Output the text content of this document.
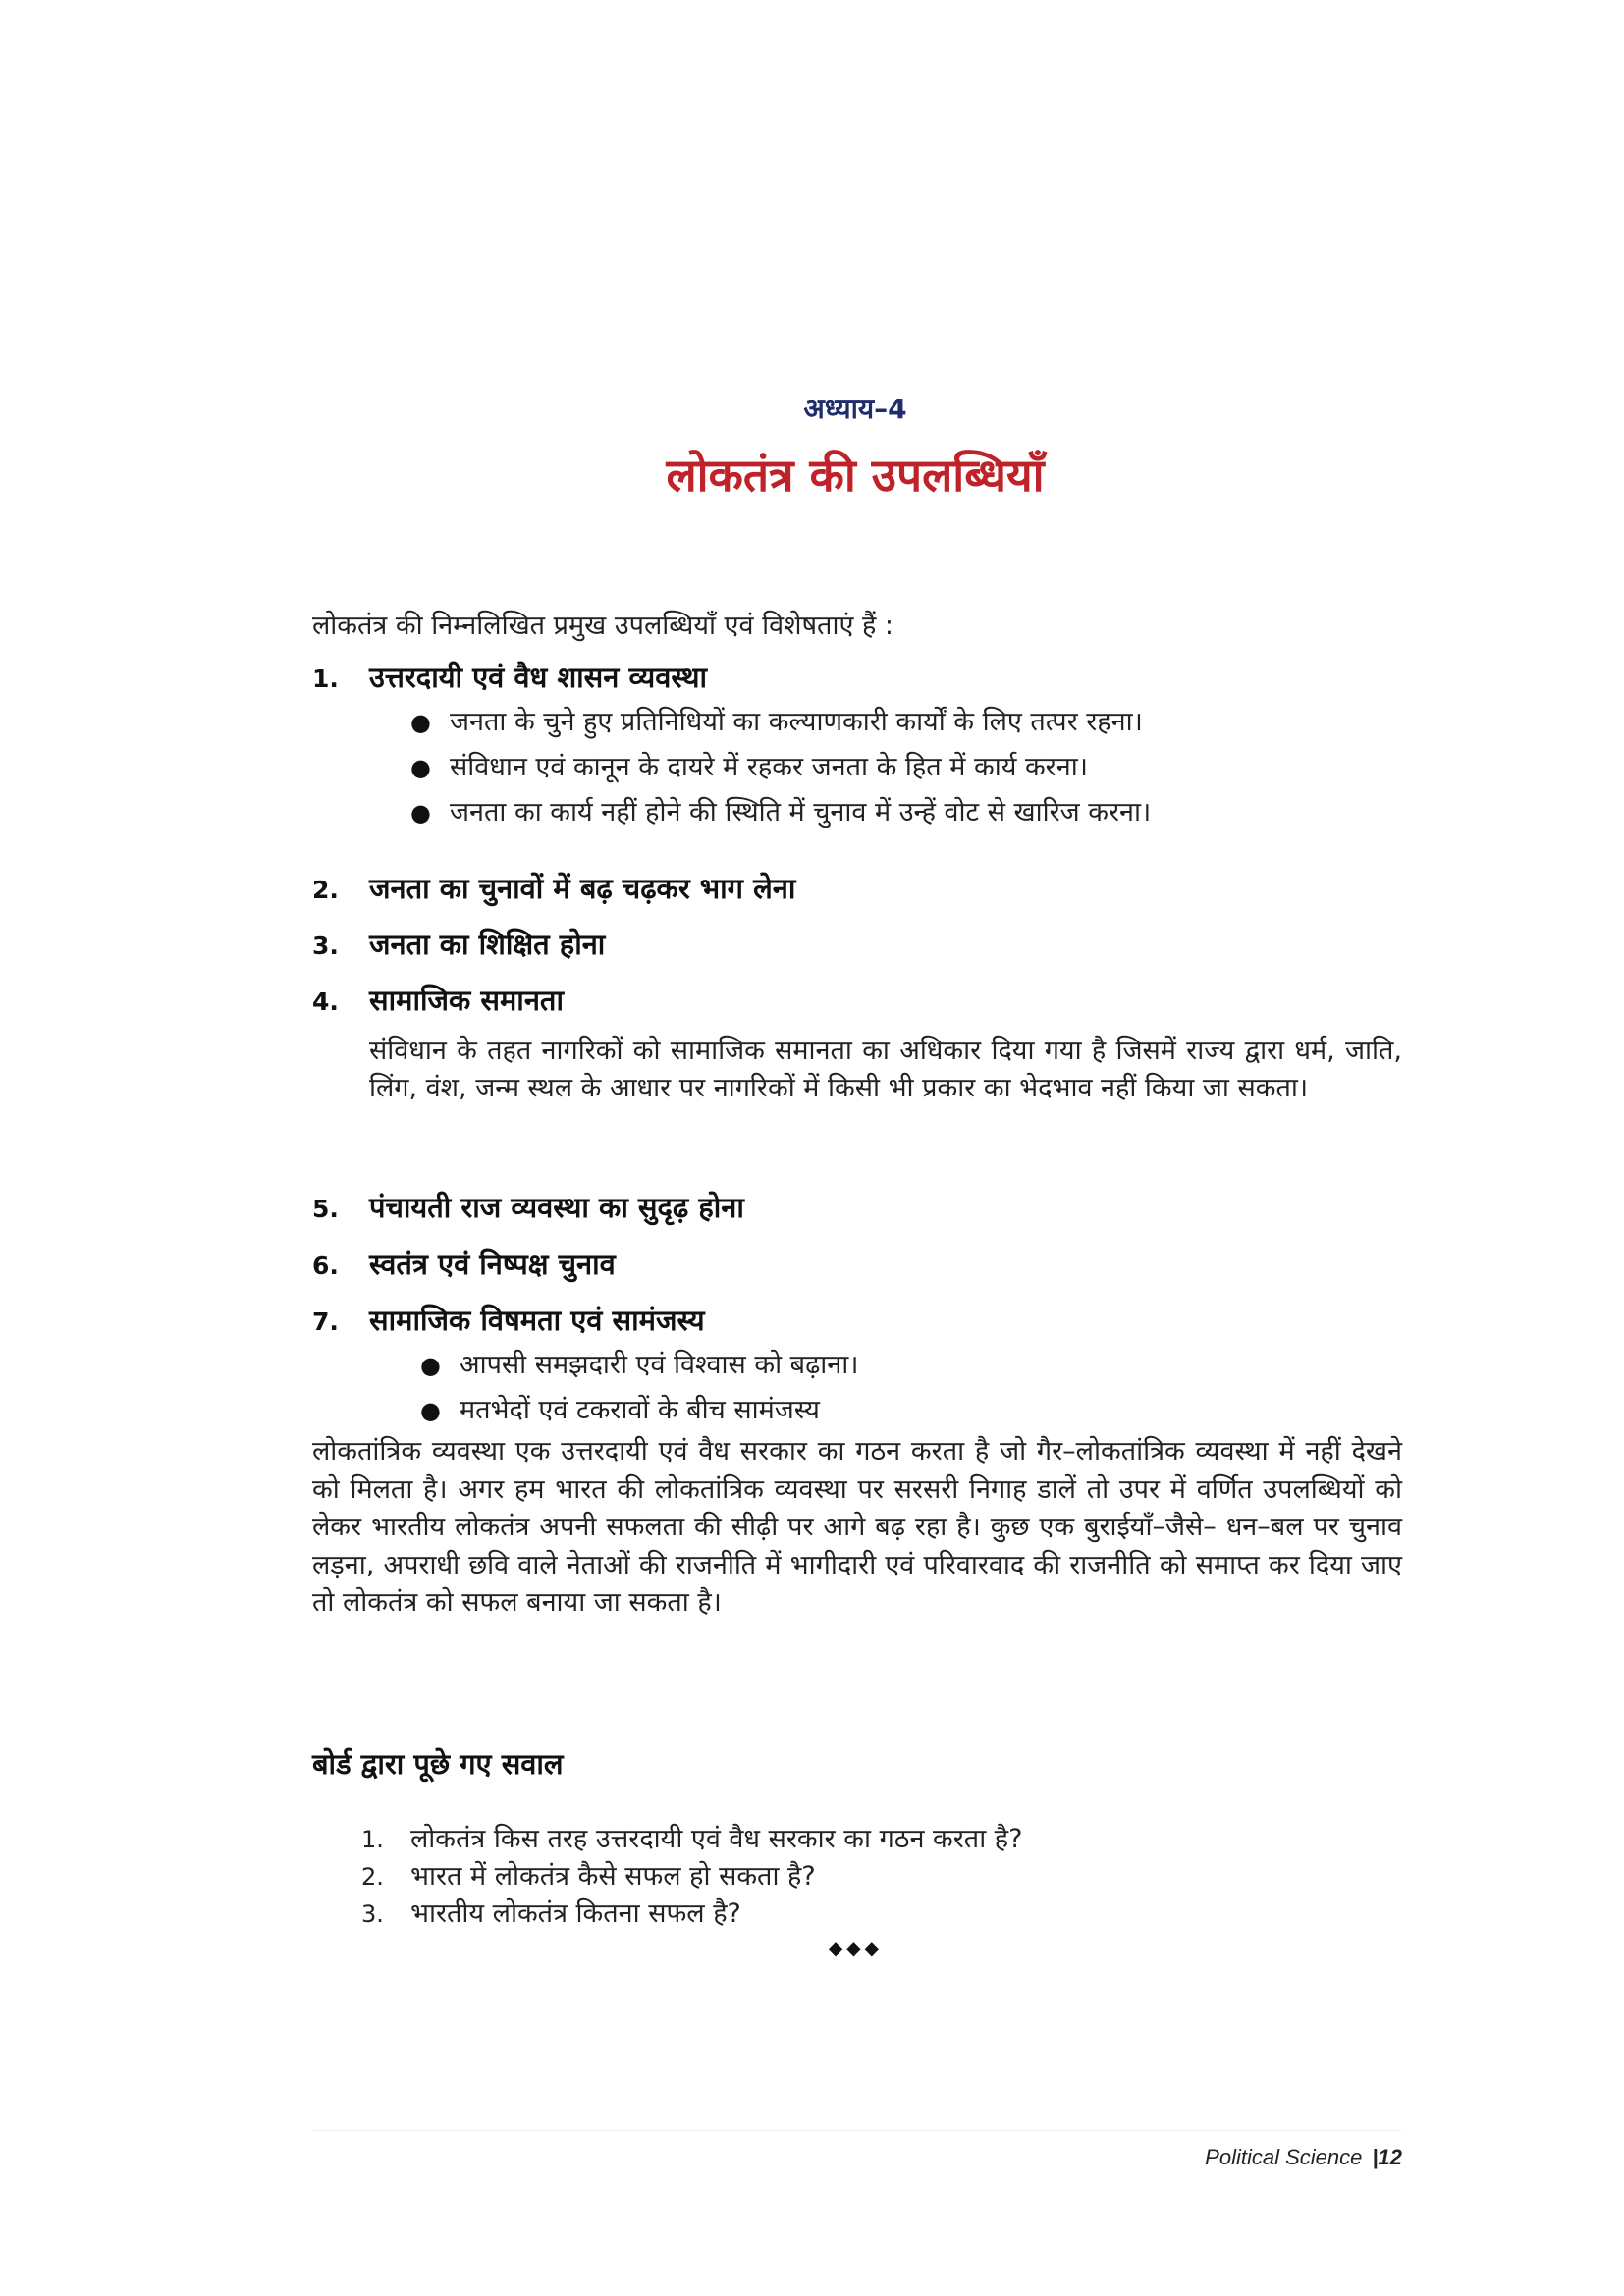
अध्याय–4
लोकतंत्र की उपलब्धियाँ
लोकतंत्र की निम्नलिखित प्रमुख उपलब्धियाँ एवं विशेषताएं हैं :
1.	उत्तरदायी एवं वैध शासन व्यवस्था
● जनता के चुने हुए प्रतिनिधियों का कल्याणकारी कार्यों के लिए तत्पर रहना।
● संविधान एवं कानून के दायरे में रहकर जनता के हित में कार्य करना।
● जनता का कार्य नहीं होने की स्थिति में चुनाव में उन्हें वोट से खारिज करना।
2.	जनता का चुनावों में बढ़ चढ़कर भाग लेना
3.	जनता का शिक्षित होना
4.	सामाजिक समानता
संविधान के तहत नागरिकों को सामाजिक समानता का अधिकार दिया गया है जिसमें राज्य द्वारा धर्म, जाति, लिंग, वंश, जन्म स्थल के आधार पर नागरिकों में किसी भी प्रकार का भेदभाव नहीं किया जा सकता।
5.	पंचायती राज व्यवस्था का सुदृढ़ होना
6.	स्वतंत्र एवं निष्पक्ष चुनाव
7.	सामाजिक विषमता एवं सामंजस्य
● आपसी समझदारी एवं विश्वास को बढ़ाना।
● मतभेदों एवं टकरावों के बीच सामंजस्य
लोकतांत्रिक व्यवस्था एक उत्तरदायी एवं वैध सरकार का गठन करता है जो गैर–लोकतांत्रिक व्यवस्था में नहीं देखने को मिलता है। अगर हम भारत की लोकतांत्रिक व्यवस्था पर सरसरी निगाह डालें तो उपर में वर्णित उपलब्धियों को लेकर भारतीय लोकतंत्र अपनी सफलता की सीढ़ी पर आगे बढ़ रहा है। कुछ एक बुराईयाँ–जैसे– धन–बल पर चुनाव लड़ना, अपराधी छवि वाले नेताओं की राजनीति में भागीदारी एवं परिवारवाद की राजनीति को समाप्त कर दिया जाए तो लोकतंत्र को सफल बनाया जा सकता है।
बोर्ड द्वारा पूछे गए सवाल
1.	लोकतंत्र किस तरह उत्तरदायी एवं वैध सरकार का गठन करता है?
2.	भारत में लोकतंत्र कैसे सफल हो सकता है?
3.	भारतीय लोकतंत्र कितना सफल है?
◆◆◆
Political Science |12
